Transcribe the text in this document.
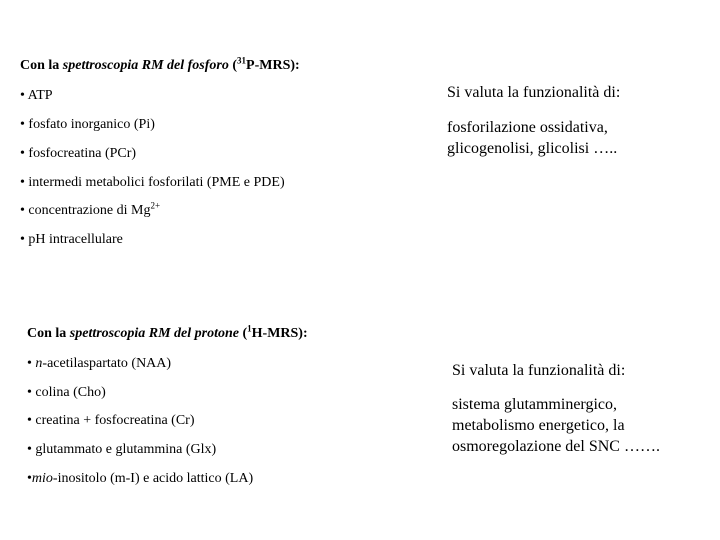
Con la spettroscopia RM del fosforo ($^{31}$P-MRS):
• ATP
• fosfato inorganico (Pi)
• fosfocreatina (PCr)
• intermedi metabolici fosforilati (PME e PDE)
• concentrazione di $Mg^{2+}$
• pH intracellulare
Si valuta la funzionalità di:
fosforilazione ossidativa, glicogenolisi, glicolisi …..
Con la spettroscopia RM del protone ($^1$H-MRS):
• n-acetilaspartato (NAA)
• colina (Cho)
• creatina + fosfocreatina (Cr)
• glutammato e glutammina (Glx)
•mio-inositolo (m-I) e acido lattico (LA)
Si valuta la funzionalità di:
sistema glutamminergico, metabolismo energetico, la osmoregolazione del SNC …….
